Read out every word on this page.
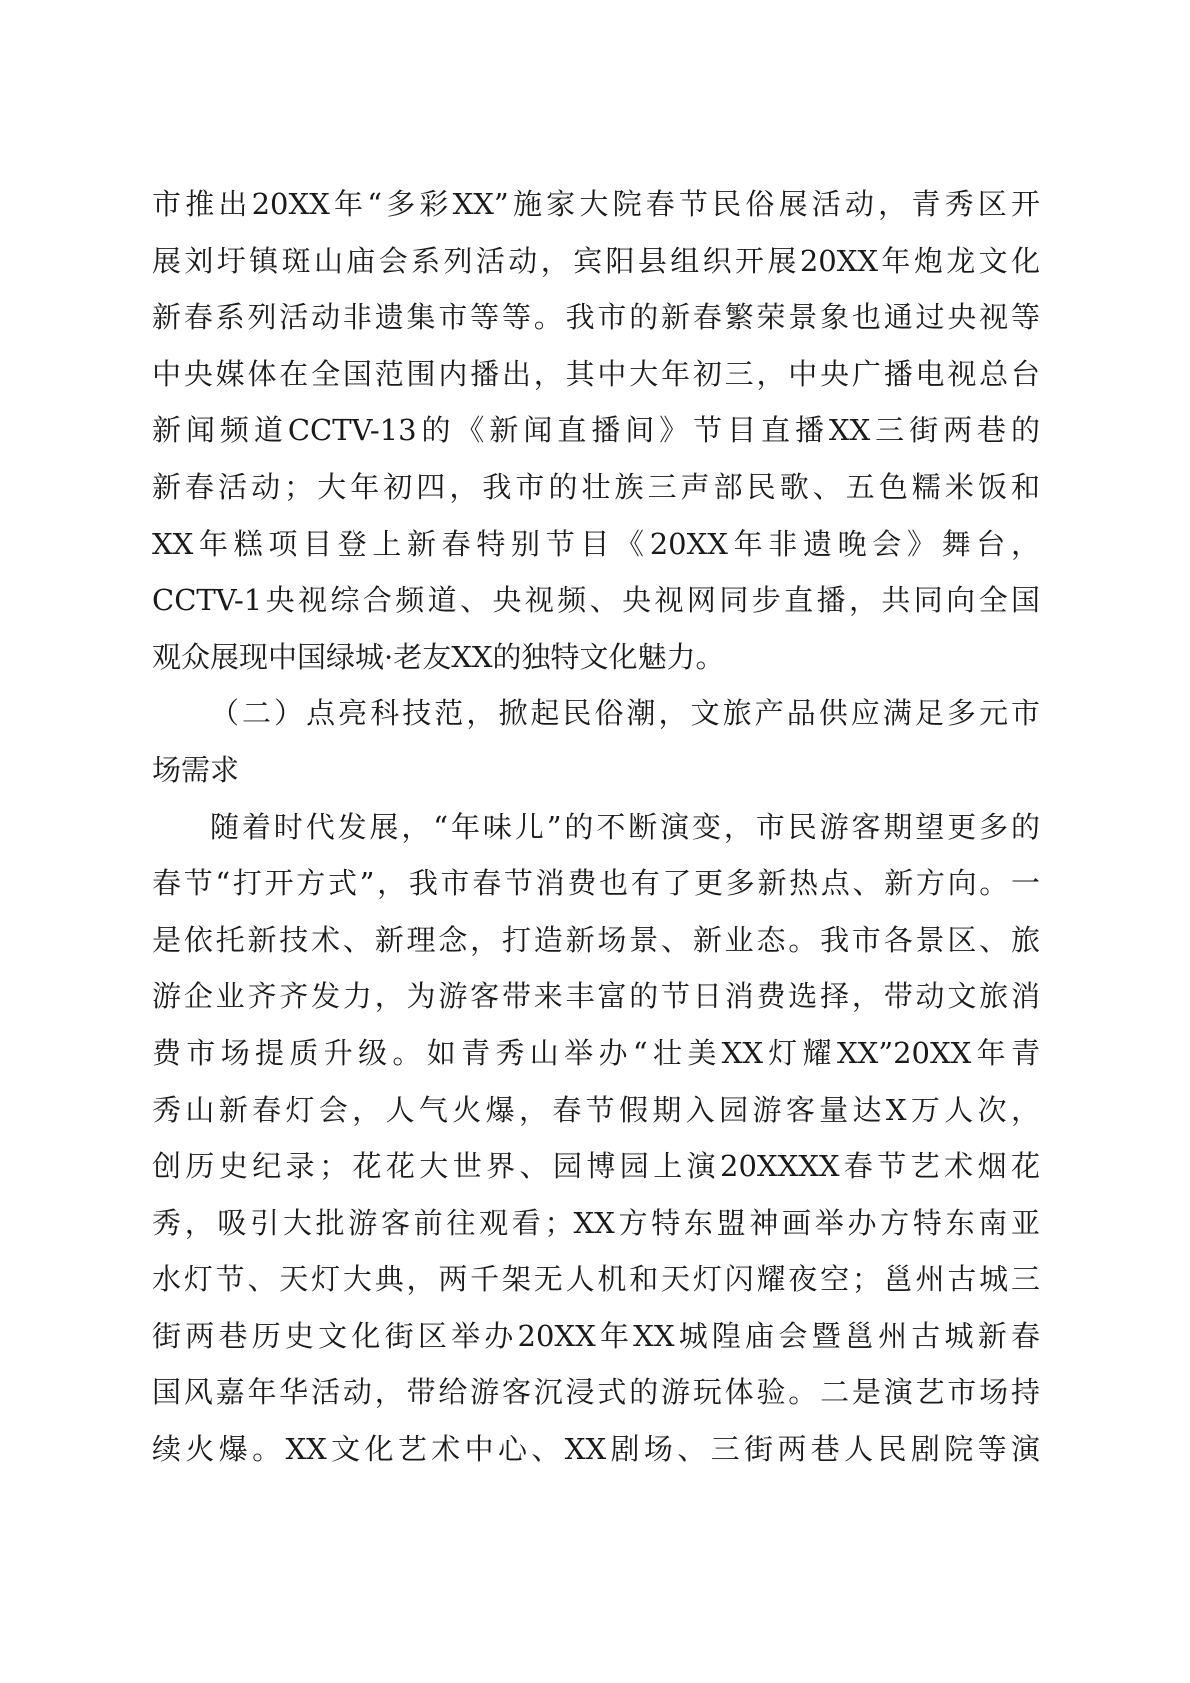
市推出20XX年“多彩XX”施家大院春节民俗展活动，青秀区开
展刘圩镇斑山庙会系列活动，宾阳县组织开展20XX年炮龙文化
新春系列活动非遗集市等等。我市的新春繁荣景象也通过央视等
中央媒体在全国范围内播出，其中大年初三，中央广播电视总台
新闻频道CCTV-13的《新闻直播间》节目直播XX三街两巷的
新春活动；大年初四，我市的壮族三声部民歌、五色糯米饭和
XX年糕项目登上新春特别节目《20XX年非遗晚会》舞台，
CCTV-1央视综合频道、央视频、央视网同步直播，共同向全国
观众展现中国绿城·老友XX的独特文化魅力。
（二）点亮科技范，掀起民俗潮，文旅产品供应满足多元市
场需求
随着时代发展，“年味儿”的不断演变，市民游客期望更多的
春节“打开方式”，我市春节消费也有了更多新热点、新方向。一
是依托新技术、新理念，打造新场景、新业态。我市各景区、旅
游企业齐齐发力，为游客带来丰富的节日消费选择，带动文旅消
费市场提质升级。如青秀山举办“壮美XX灯耀XX”20XX年青
秀山新春灯会，人气火爆，春节假期入园游客量达X万人次，
创历史纪录；花花大世界、园博园上演20XXXX春节艺术烟花
秀，吸引大批游客前往观看；XX方特东盟神画举办方特东南亚
水灯节、天灯大典，两千架无人机和天灯闪耀夜空；邕州古城三
街两巷历史文化街区举办20XX年XX城隍庙会暨邕州古城新春
国风嘉年华活动，带给游客沉浸式的游玩体验。二是演艺市场持
续火爆。XX文化艺术中心、XX剧场、三街两巷人民剧院等演
